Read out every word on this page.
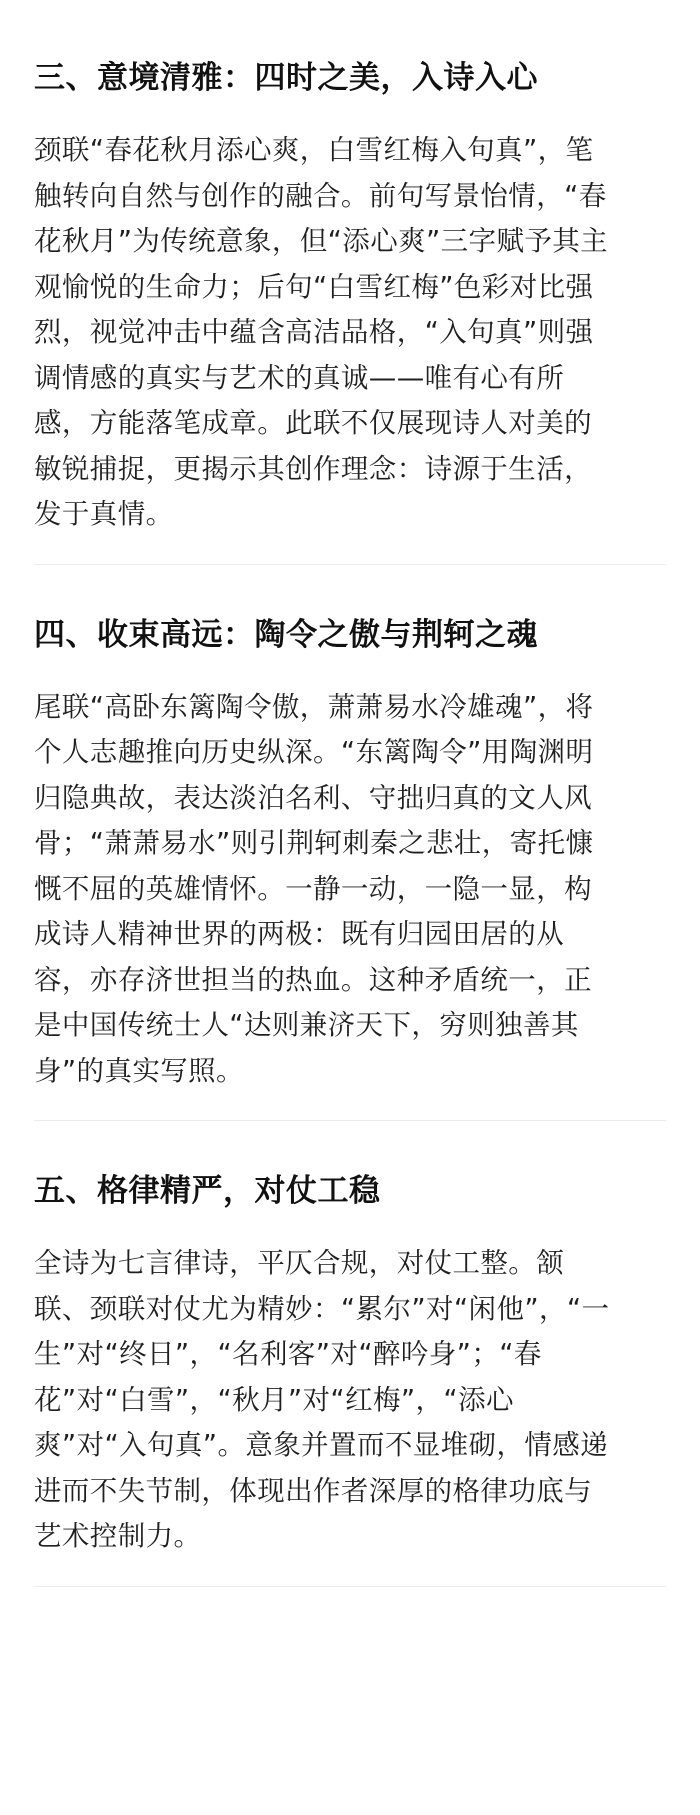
三、意境清雅：四时之美，入诗入心

颈联“春花秋月添心爽，白雪红梅入句真”，笔
触转向自然与创作的融合。前句写景怡情，“春
花秋月”为传统意象，但“添心爽”三字赋予其主
观愉悦的生命力；后句“白雪红梅”色彩对比强
烈，视觉冲击中蕴含高洁品格，“入句真”则强
调情感的真实与艺术的真诚——唯有心有所
感，方能落笔成章。此联不仅展现诗人对美的
敏锐捕捉，更揭示其创作理念：诗源于生活，
发于真情。

四、收束高远：陶令之傲与荆轲之魂

尾联“高卧东篱陶令傲，萧萧易水冷雄魂”，将
个人志趣推向历史纵深。“东篱陶令”用陶渊明
归隐典故，表达淡泊名利、守拙归真的文人风
骨；“萧萧易水”则引荆轲刺秦之悲壮，寄托慷
慨不屈的英雄情怀。一静一动，一隐一显，构
成诗人精神世界的两极：既有归园田居的从
容，亦存济世担当的热血。这种矛盾统一，正
是中国传统士人“达则兼济天下，穷则独善其
身”的真实写照。

五、格律精严，对仗工稳

全诗为七言律诗，平仄合规，对仗工整。颔
联、颈联对仗尤为精妙：“累尔”对“闲他”，“一
生”对“终日”，“名利客”对“醉吟身”；“春
花”对“白雪”，“秋月”对“红梅”，“添心
爽”对“入句真”。意象并置而不显堆砌，情感递
进而不失节制，体现出作者深厚的格律功底与
艺术控制力。
